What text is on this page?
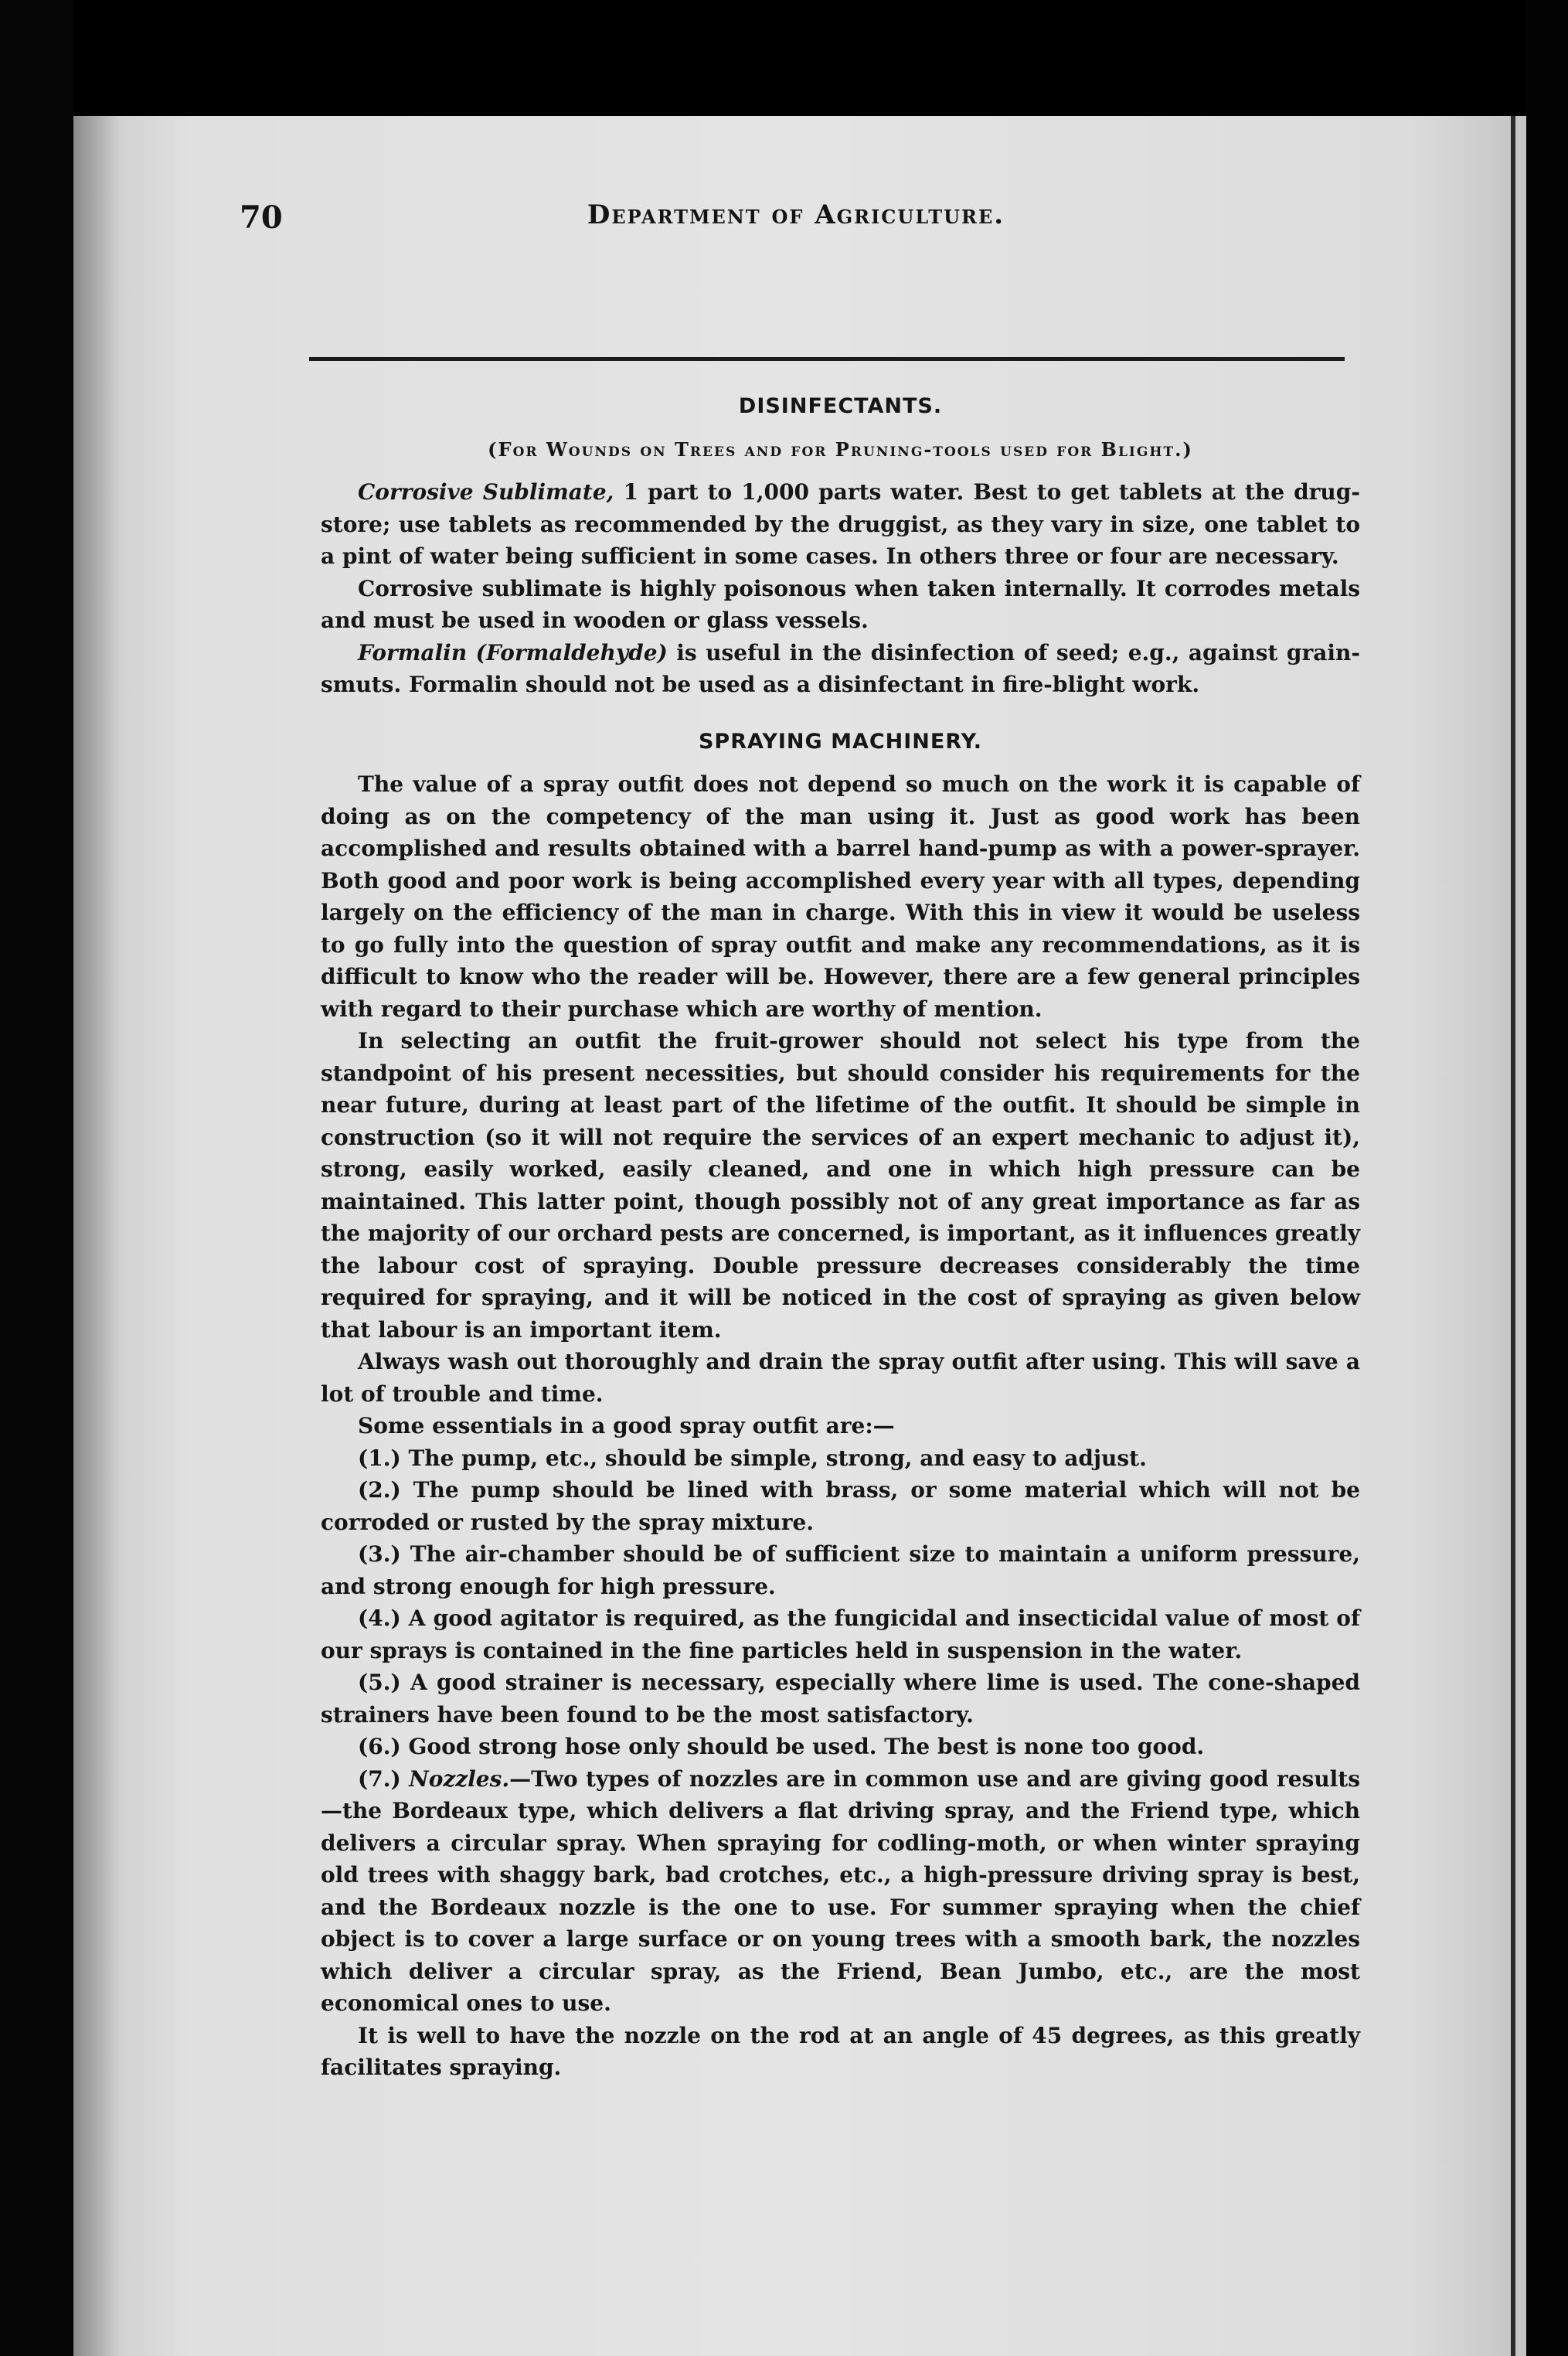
70	Department of Agriculture.
DISINFECTANTS.
(For Wounds on Trees and for Pruning-tools used for Blight.)

Corrosive Sublimate, 1 part to 1,000 parts water. Best to get tablets at the drug-store; use tablets as recommended by the druggist, as they vary in size, one tablet to a pint of water being sufficient in some cases. In others three or four are necessary.

Corrosive sublimate is highly poisonous when taken internally. It corrodes metals and must be used in wooden or glass vessels.

Formalin (Formaldehyde) is useful in the disinfection of seed; e.g., against grain-smuts. Formalin should not be used as a disinfectant in fire-blight work.

SPRAYING MACHINERY.

The value of a spray outfit does not depend so much on the work it is capable of doing as on the competency of the man using it. Just as good work has been accomplished and results obtained with a barrel hand-pump as with a power-sprayer. Both good and poor work is being accomplished every year with all types, depending largely on the efficiency of the man in charge. With this in view it would be useless to go fully into the question of spray outfit and make any recommendations, as it is difficult to know who the reader will be. However, there are a few general principles with regard to their purchase which are worthy of mention.

In selecting an outfit the fruit-grower should not select his type from the standpoint of his present necessities, but should consider his requirements for the near future, during at least part of the lifetime of the outfit. It should be simple in construction (so it will not require the services of an expert mechanic to adjust it), strong, easily worked, easily cleaned, and one in which high pressure can be maintained. This latter point, though possibly not of any great importance as far as the majority of our orchard pests are concerned, is important, as it influences greatly the labour cost of spraying. Double pressure decreases considerably the time required for spraying, and it will be noticed in the cost of spraying as given below that labour is an important item.

Always wash out thoroughly and drain the spray outfit after using. This will save a lot of trouble and time.

Some essentials in a good spray outfit are:—

(1.) The pump, etc., should be simple, strong, and easy to adjust.

(2.) The pump should be lined with brass, or some material which will not be corroded or rusted by the spray mixture.

(3.) The air-chamber should be of sufficient size to maintain a uniform pressure, and strong enough for high pressure.

(4.) A good agitator is required, as the fungicidal and insecticidal value of most of our sprays is contained in the fine particles held in suspension in the water.

(5.) A good strainer is necessary, especially where lime is used. The cone-shaped strainers have been found to be the most satisfactory.

(6.) Good strong hose only should be used. The best is none too good.

(7.) Nozzles.—Two types of nozzles are in common use and are giving good results —the Bordeaux type, which delivers a flat driving spray, and the Friend type, which delivers a circular spray. When spraying for codling-moth, or when winter spraying old trees with shaggy bark, bad crotches, etc., a high-pressure driving spray is best, and the Bordeaux nozzle is the one to use. For summer spraying when the chief object is to cover a large surface or on young trees with a smooth bark, the nozzles which deliver a circular spray, as the Friend, Bean Jumbo, etc., are the most economical ones to use.

It is well to have the nozzle on the rod at an angle of 45 degrees, as this greatly facilitates spraying.
